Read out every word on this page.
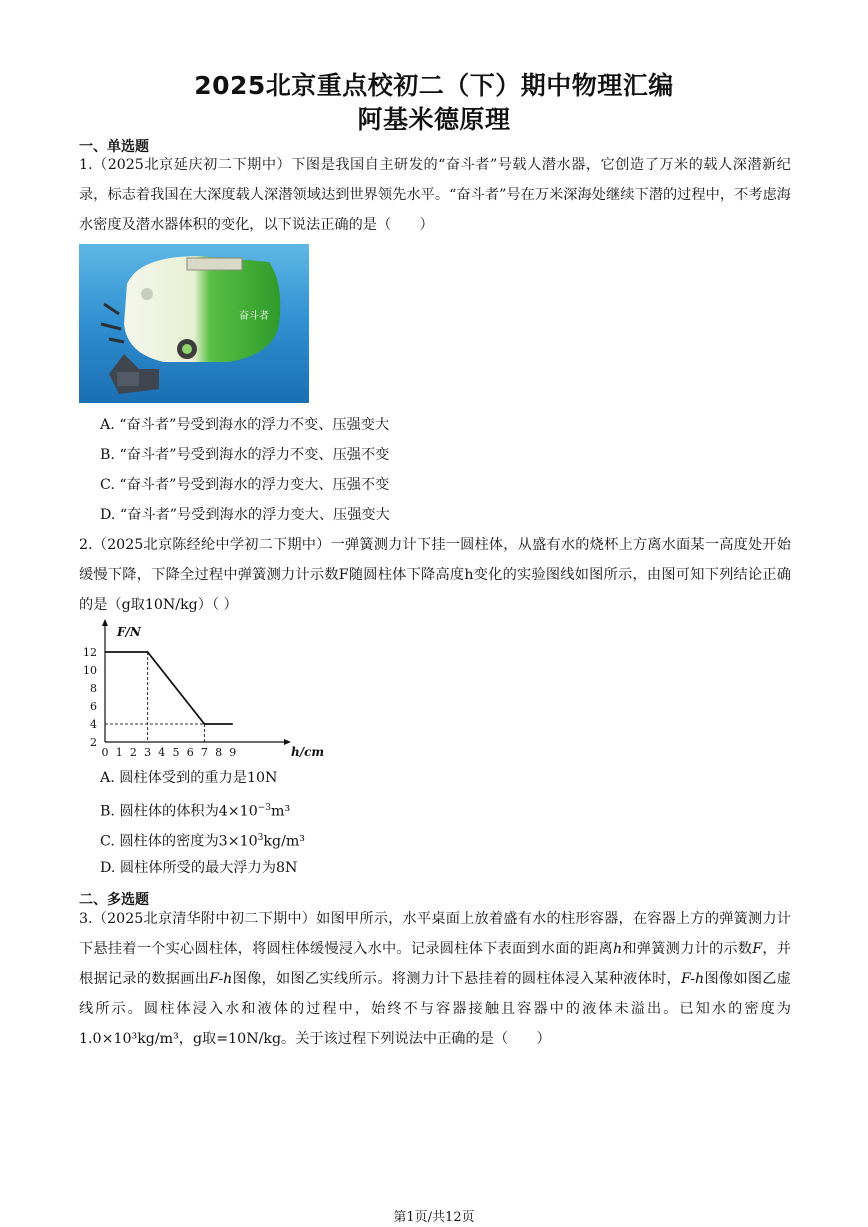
2025北京重点校初二（下）期中物理汇编
阿基米德原理
一、单选题
1.（2025北京延庆初二下期中）下图是我国自主研发的“奋斗者”号载人潜水器，它创造了万米的载人深潜新纪录，标志着我国在大深度载人深潜领域达到世界领先水平。“奋斗者”号在万米深海处继续下潜的过程中，不考虑海水密度及潜水器体积的变化，以下说法正确的是（　　）
奋斗者
A. “奋斗者”号受到海水的浮力不变、压强变大
B. “奋斗者”号受到海水的浮力不变、压强不变
C. “奋斗者”号受到海水的浮力变大、压强不变
D. “奋斗者”号受到海水的浮力变大、压强变大
2.（2025北京陈经纶中学初二下期中）一弹簧测力计下挂一圆柱体，从盛有水的烧杯上方离水面某一高度处开始缓慢下降，下降全过程中弹簧测力计示数F随圆柱体下降高度h变化的实验图线如图所示，由图可知下列结论正确的是（g取10N/kg）（ ）
F/N
h/cm
0 1 2 3 4 5 6 7 8 9
2
4
6
8
10
12
A. 圆柱体受到的重力是10N
B. 圆柱体的体积为$4\times 10^{-3}m^3$
C. 圆柱体的密度为$3\times 10^3kg/m^3$
D. 圆柱体所受的最大浮力为8N
二、多选题
3.（2025北京清华附中初二下期中）如图甲所示，水平桌面上放着盛有水的柱形容器，在容器上方的弹簧测力计下悬挂着一个实心圆柱体，将圆柱体缓慢浸入水中。记录圆柱体下表面到水面的距离h和弹簧测力计的示数F，并根据记录的数据画出F-h图像，如图乙实线所示。将测力计下悬挂着的圆柱体浸入某种液体时，F-h图像如图乙虚线所示。圆柱体浸入水和液体的过程中，始终不与容器接触且容器中的液体未溢出。已知水的密度为1.0×10³kg/m³，g取=10N/kg。关于该过程下列说法中正确的是（　　）
第1页/共12页
